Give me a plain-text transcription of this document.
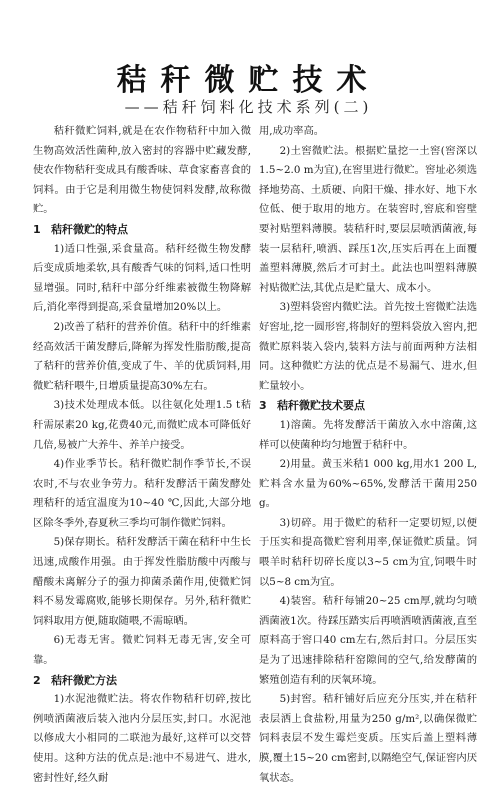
秸秆微贮技术
——秸秆饲料化技术系列(二)

秸秆微贮饲料,就是在农作物秸秆中加入微生物高效活性菌种,放入密封的容器中贮藏发酵,使农作物秸秆变成具有酸香味、草食家畜喜食的饲料。由于它是利用微生物使饲料发酵,故称微贮。

1 秸秆微贮的特点

1)适口性强,采食量高。秸秆经微生物发酵后变成质地柔软,具有酸香气味的饲料,适口性明显增强。同时,秸秆中部分纤维素被微生物降解后,消化率得到提高,采食量增加20%以上。

2)改善了秸秆的营养价值。秸秆中的纤维素经高效活干菌发酵后,降解为挥发性脂肪酸,提高了秸秆的营养价值,变成了牛、羊的优质饲料,用微贮秸秆喂牛,日增质量提高30%左右。

3)技术处理成本低。以往氨化处理1.5 t秸秆需尿素20 kg,花费40元,而微贮成本可降低好几倍,易被广大养牛、养羊户接受。

4)作业季节长。秸秆微贮制作季节长,不误农时,不与农业争劳力。秸秆发酵活干菌发酵处理秸秆的适宜温度为10~40 ℃,因此,大部分地区除冬季外,春夏秋三季均可制作微贮饲料。

5)保存期长。秸秆发酵活干菌在秸秆中生长迅速,成酸作用强。由于挥发性脂肪酸中丙酸与醋酸未离解分子的强力抑菌杀菌作用,使微贮饲料不易发霉腐败,能够长期保存。另外,秸秆微贮饲料取用方便,随取随喂,不需晾晒。

6)无毒无害。微贮饲料无毒无害,安全可靠。

2 秸秆微贮方法

1)水泥池微贮法。将农作物秸秆切碎,按比例喷洒菌液后装入池内分层压实,封口。水泥池以修成大小相同的二联池为最好,这样可以交替使用。这种方法的优点是:池中不易进气、进水,密封性好,经久耐

用,成功率高。

2)土窖微贮法。根据贮量挖一土窖(窖深以1.5~2.0 m为宜),在窖里进行微贮。窖址必须选择地势高、土质硬、向阳干燥、排水好、地下水位低、便于取用的地方。在装窖时,窖底和窖壁要衬贴塑料薄膜。装秸秆时,要层层喷洒菌液,每装一层秸秆,喷洒、踩压1次,压实后再在上面覆盖塑料薄膜,然后才可封土。此法也叫塑料薄膜衬贴微贮法,其优点是贮量大、成本小。

3)塑料袋窖内微贮法。首先按土窖微贮法选好窖址,挖一圆形窖,将制好的塑料袋放入窖内,把微贮原料装入袋内,装料方法与前面两种方法相同。这种微贮方法的优点是不易漏气、进水,但贮量较小。

3 秸秆微贮技术要点

1)溶菌。先将发酵活干菌放入水中溶菌,这样可以使菌种均匀地置于秸秆中。

2)用量。黄玉米秸1 000 kg,用水1 200 L,贮料含水量为60%~65%,发酵活干菌用250 g。

3)切碎。用于微贮的秸秆一定要切短,以便于压实和提高微贮窖利用率,保证微贮质量。饲喂羊时秸秆切碎长度以3~5 cm为宜,饲喂牛时以5~8 cm为宜。

4)装窖。秸秆每铺20~25 cm厚,就均匀喷洒菌液1次。待踩压踏实后再喷洒喷洒菌液,直至原料高于窖口40 cm左右,然后封口。分层压实是为了迅速排除秸秆窑隙间的空气,给发酵菌的繁殖创造有利的厌氧环境。

5)封窖。秸秆铺好后应充分压实,并在秸秆表层洒上食盐粉,用量为250 g/m²,以确保微贮饲料表层不发生霉烂变质。压实后盖上塑料薄膜,覆土15~20 cm密封,以隔绝空气,保证窖内厌氧状态。
